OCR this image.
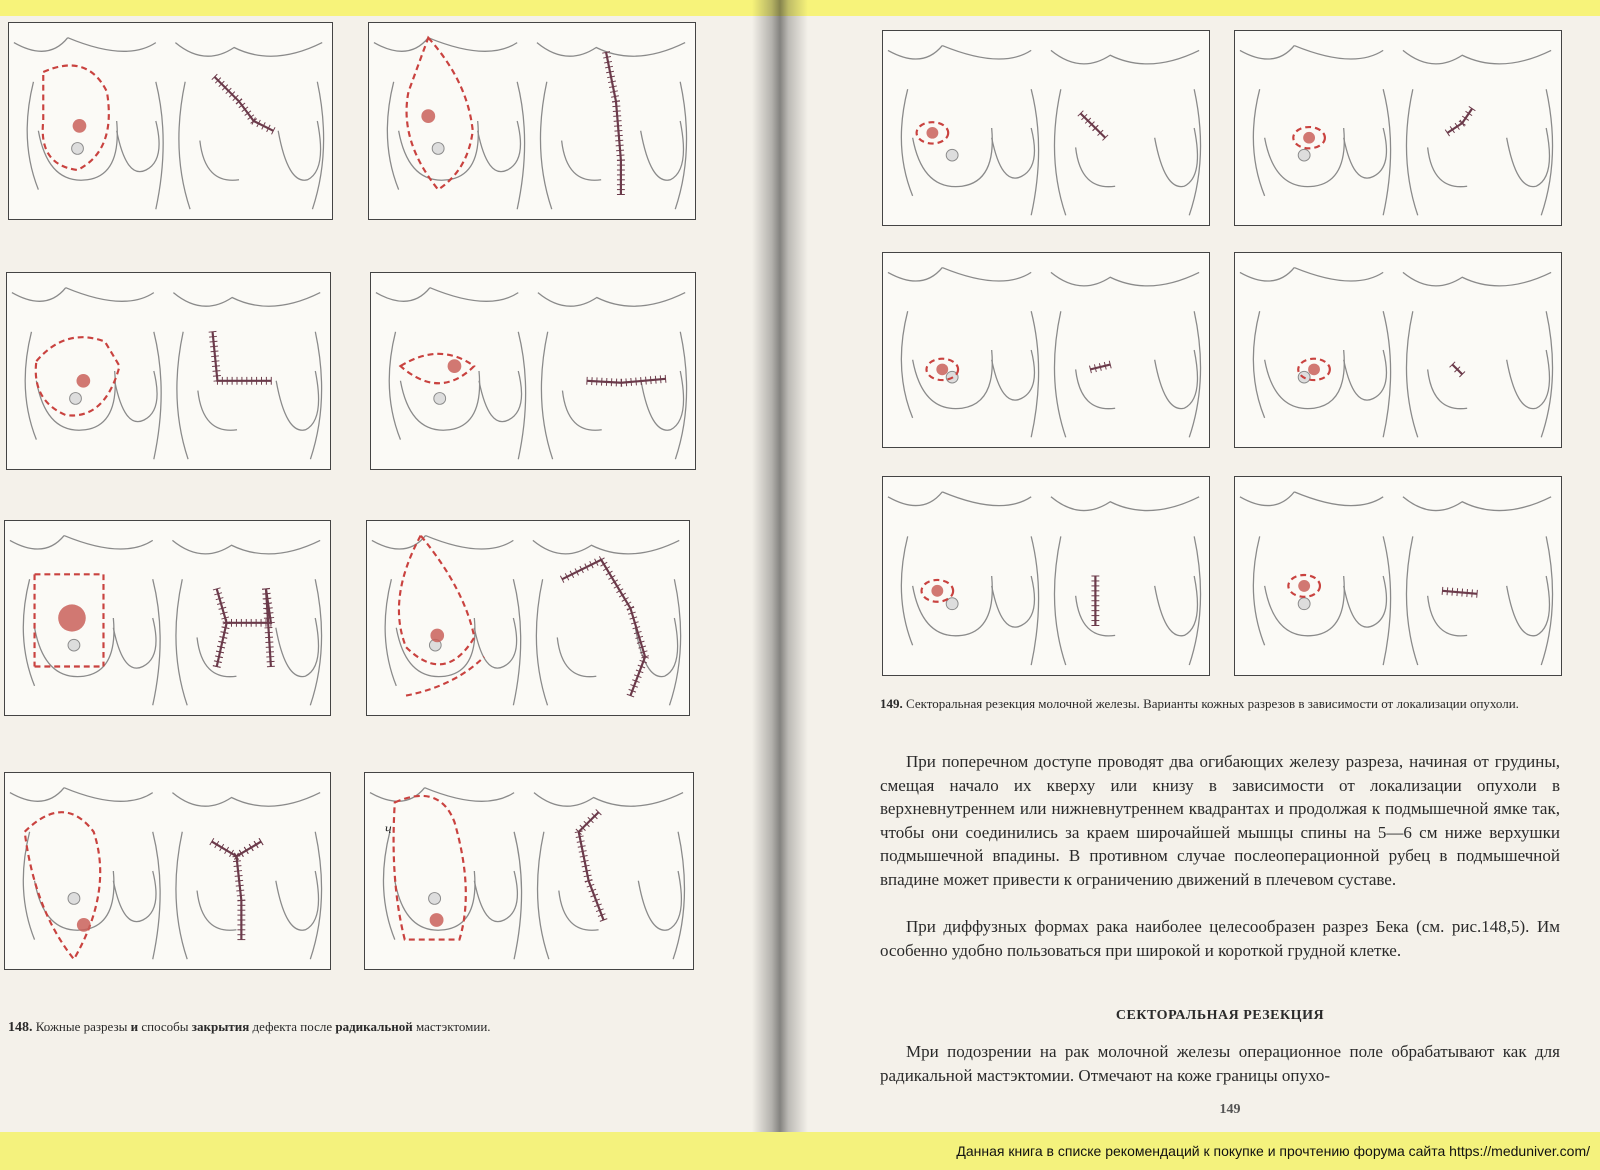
ч
148. Кожные разрезы и способы закрытия дефекта после радикальной мастэктомии.
149. Секторальная резекция молочной железы. Варианты кожных разрезов в зависимости от локализации опухоли.

При поперечном доступе проводят два огибающих железу разреза, начиная от грудины, смещая начало их кверху или книзу в зависимости от локализации опухоли в верхневнутреннем или нижневнутреннем квадрантах и продолжая к подмышечной ямке так, чтобы они соединились за краем широчайшей мышцы спины на 5—6 см ниже верхушки подмышечной впадины. В противном случае послеоперационной рубец в подмышечной впадине может привести к ограничению движений в плечевом суставе.

При диффузных формах рака наиболее целесообразен разрез Бека (см. рис.148,5). Им особенно удобно пользоваться при широкой и короткой грудной клетке.

СЕКТОРАЛЬНАЯ РЕЗЕКЦИЯ

Мри подозрении на рак молочной железы операционное поле обрабатывают как для радикальной мастэктомии. Отмечают на коже границы опухо-

149
Данная книга в списке рекомендаций к покупке и прочтению форума сайта https://meduniver.com/
